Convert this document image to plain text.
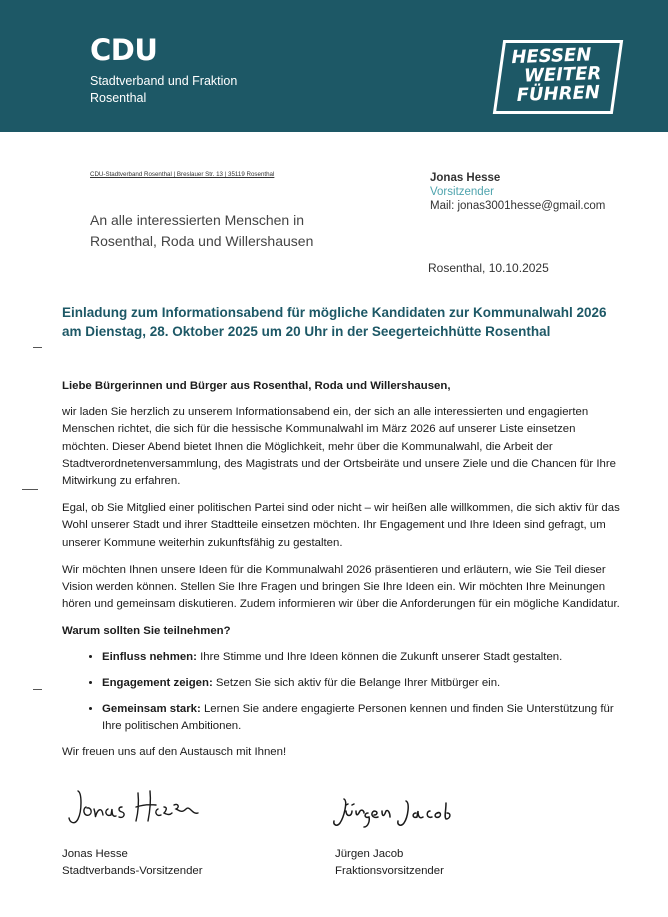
CDU
Stadtverband und Fraktion
Rosenthal
HESSEN
WEITER
FÜHREN
CDU-Stadtverband Rosenthal | Breslauer Str. 13 | 35119 Rosenthal
An alle interessierten Menschen in
Rosenthal, Roda und Willershausen
Jonas Hesse
Vorsitzender
Mail: jonas3001hesse@gmail.com
Rosenthal, 10.10.2025
Einladung zum Informationsabend für mögliche Kandidaten zur Kommunalwahl 2026
am Dienstag, 28. Oktober 2025 um 20 Uhr in der Seegerteichhütte Rosenthal

Liebe Bürgerinnen und Bürger aus Rosenthal, Roda und Willershausen,

wir laden Sie herzlich zu unserem Informationsabend ein, der sich an alle interessierten und engagierten Menschen richtet, die sich für die hessische Kommunalwahl im März 2026 auf unserer Liste einsetzen möchten. Dieser Abend bietet Ihnen die Möglichkeit, mehr über die Kommunalwahl, die Arbeit der Stadtverordnetenversammlung, des Magistrats und der Ortsbeiräte und unsere Ziele und die Chancen für Ihre Mitwirkung zu erfahren.

Egal, ob Sie Mitglied einer politischen Partei sind oder nicht – wir heißen alle willkommen, die sich aktiv für das Wohl unserer Stadt und ihrer Stadtteile einsetzen möchten. Ihr Engagement und Ihre Ideen sind gefragt, um unserer Kommune weiterhin zukunftsfähig zu gestalten.

Wir möchten Ihnen unsere Ideen für die Kommunalwahl 2026 präsentieren und erläutern, wie Sie Teil dieser Vision werden können. Stellen Sie Ihre Fragen und bringen Sie Ihre Ideen ein. Wir möchten Ihre Meinungen hören und gemeinsam diskutieren. Zudem informieren wir über die Anforderungen für ein mögliche Kandidatur.

Warum sollten Sie teilnehmen?

• Einfluss nehmen: Ihre Stimme und Ihre Ideen können die Zukunft unserer Stadt gestalten.
• Engagement zeigen: Setzen Sie sich aktiv für die Belange Ihrer Mitbürger ein.
• Gemeinsam stark: Lernen Sie andere engagierte Personen kennen und finden Sie Unterstützung für Ihre politischen Ambitionen.

Wir freuen uns auf den Austausch mit Ihnen!

Jonas Hesse
Stadtverbands-Vorsitzender
Jürgen Jacob
Fraktionsvorsitzender
